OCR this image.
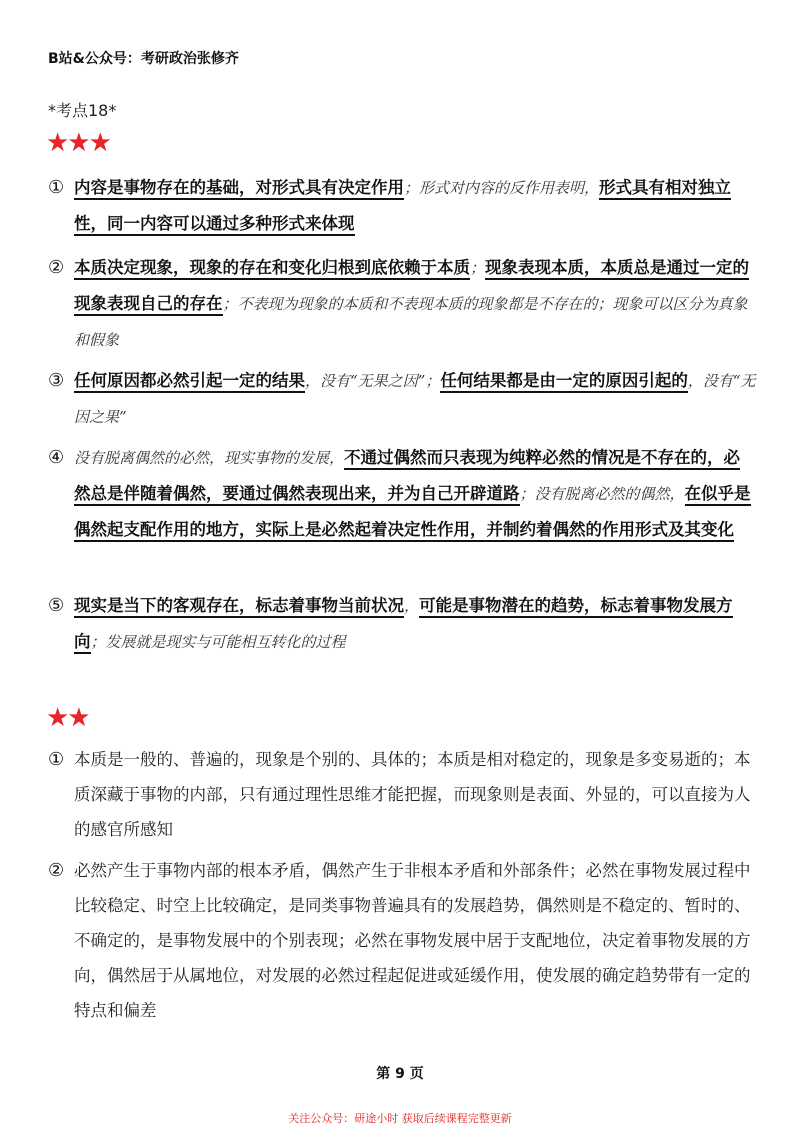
B站&公众号：考研政治张修齐
*考点18*
★★★
① 内容是事物存在的基础，对形式具有决定作用；形式对内容的反作用表明，形式具有相对独立性，同一内容可以通过多种形式来体现
② 本质决定现象，现象的存在和变化归根到底依赖于本质；现象表现本质，本质总是通过一定的现象表现自己的存在；不表现为现象的本质和不表现本质的现象都是不存在的；现象可以区分为真象和假象
③ 任何原因都必然引起一定的结果，没有“无果之因”；任何结果都是由一定的原因引起的，没有“无因之果”
④ 没有脱离偶然的必然，现实事物的发展，不通过偶然而只表现为纯粹必然的情况是不存在的，必然总是伴随着偶然，要通过偶然表现出来，并为自己开辟道路；没有脱离必然的偶然，在似乎是偶然起支配作用的地方，实际上是必然起着决定性作用，并制约着偶然的作用形式及其变化
⑤ 现实是当下的客观存在，标志着事物当前状况，可能是事物潜在的趋势，标志着事物发展方向；发展就是现实与可能相互转化的过程
★★
① 本质是一般的、普遍的，现象是个别的、具体的；本质是相对稳定的，现象是多变易逝的；本质深藏于事物的内部，只有通过理性思维才能把握，而现象则是表面、外显的，可以直接为人的感官所感知
② 必然产生于事物内部的根本矛盾，偶然产生于非根本矛盾和外部条件；必然在事物发展过程中比较稳定、时空上比较确定，是同类事物普遍具有的发展趋势，偶然则是不稳定的、暂时的、不确定的，是事物发展中的个别表现；必然在事物发展中居于支配地位，决定着事物发展的方向，偶然居于从属地位，对发展的必然过程起促进或延缓作用，使发展的确定趋势带有一定的特点和偏差
第 9 页
关注公众号：研途小时 获取后续课程完整更新
